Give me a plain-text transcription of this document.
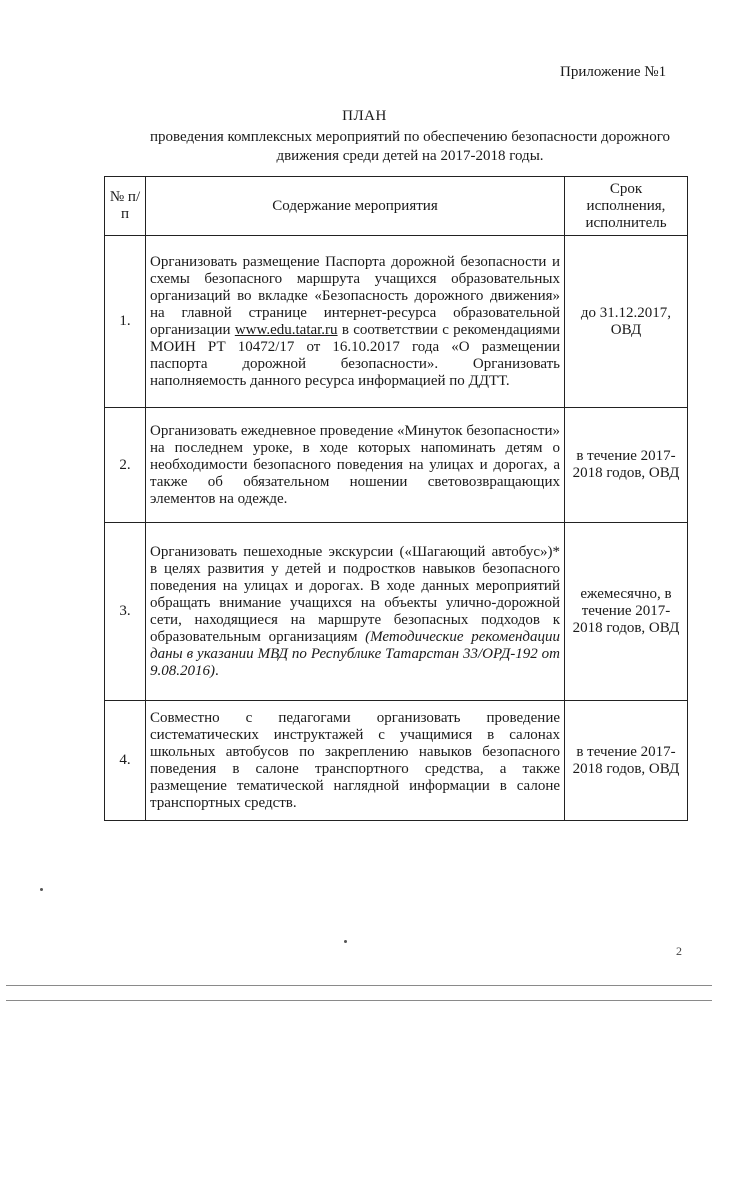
Приложение №1
ПЛАН
проведения комплексных мероприятий по обеспечению безопасности дорожного движения среди детей на 2017-2018 годы.
№ п/п	Содержание мероприятия	Срок исполнения, исполнитель
1.	Организовать размещение Паспорта дорожной безопасности и схемы безопасного маршрута учащихся образовательных организаций во вкладке «Безопасность дорожного движения» на главной странице интернет-ресурса образовательной организации www.edu.tatar.ru в соответствии с рекомендациями МОИН РТ 10472/17 от 16.10.2017 года «О размещении паспорта дорожной безопасности». Организовать наполняемость данного ресурса информацией по ДДТТ.	до 31.12.2017, ОВД
2.	Организовать ежедневное проведение «Минуток безопасности» на последнем уроке, в ходе которых напоминать детям о необходимости безопасного поведения на улицах и дорогах, а также об обязательном ношении световозвращающих элементов на одежде.	в течение 2017-2018 годов, ОВД
3.	Организовать пешеходные экскурсии («Шагающий автобус»)* в целях развития у детей и подростков навыков безопасного поведения на улицах и дорогах. В ходе данных мероприятий обращать внимание учащихся на объекты улично-дорожной сети, находящиеся на маршруте безопасных подходов к образовательным организациям (Методические рекомендации даны в указании МВД по Республике Татарстан 33/ОРД-192 от 9.08.2016).	ежемесячно, в течение 2017-2018 годов, ОВД
4.	Совместно с педагогами организовать проведение систематических инструктажей с учащимися в салонах школьных автобусов по закреплению навыков безопасного поведения в салоне транспортного средства, а также размещение тематической наглядной информации в салоне транспортных средств.	в течение 2017-2018 годов, ОВД
2
